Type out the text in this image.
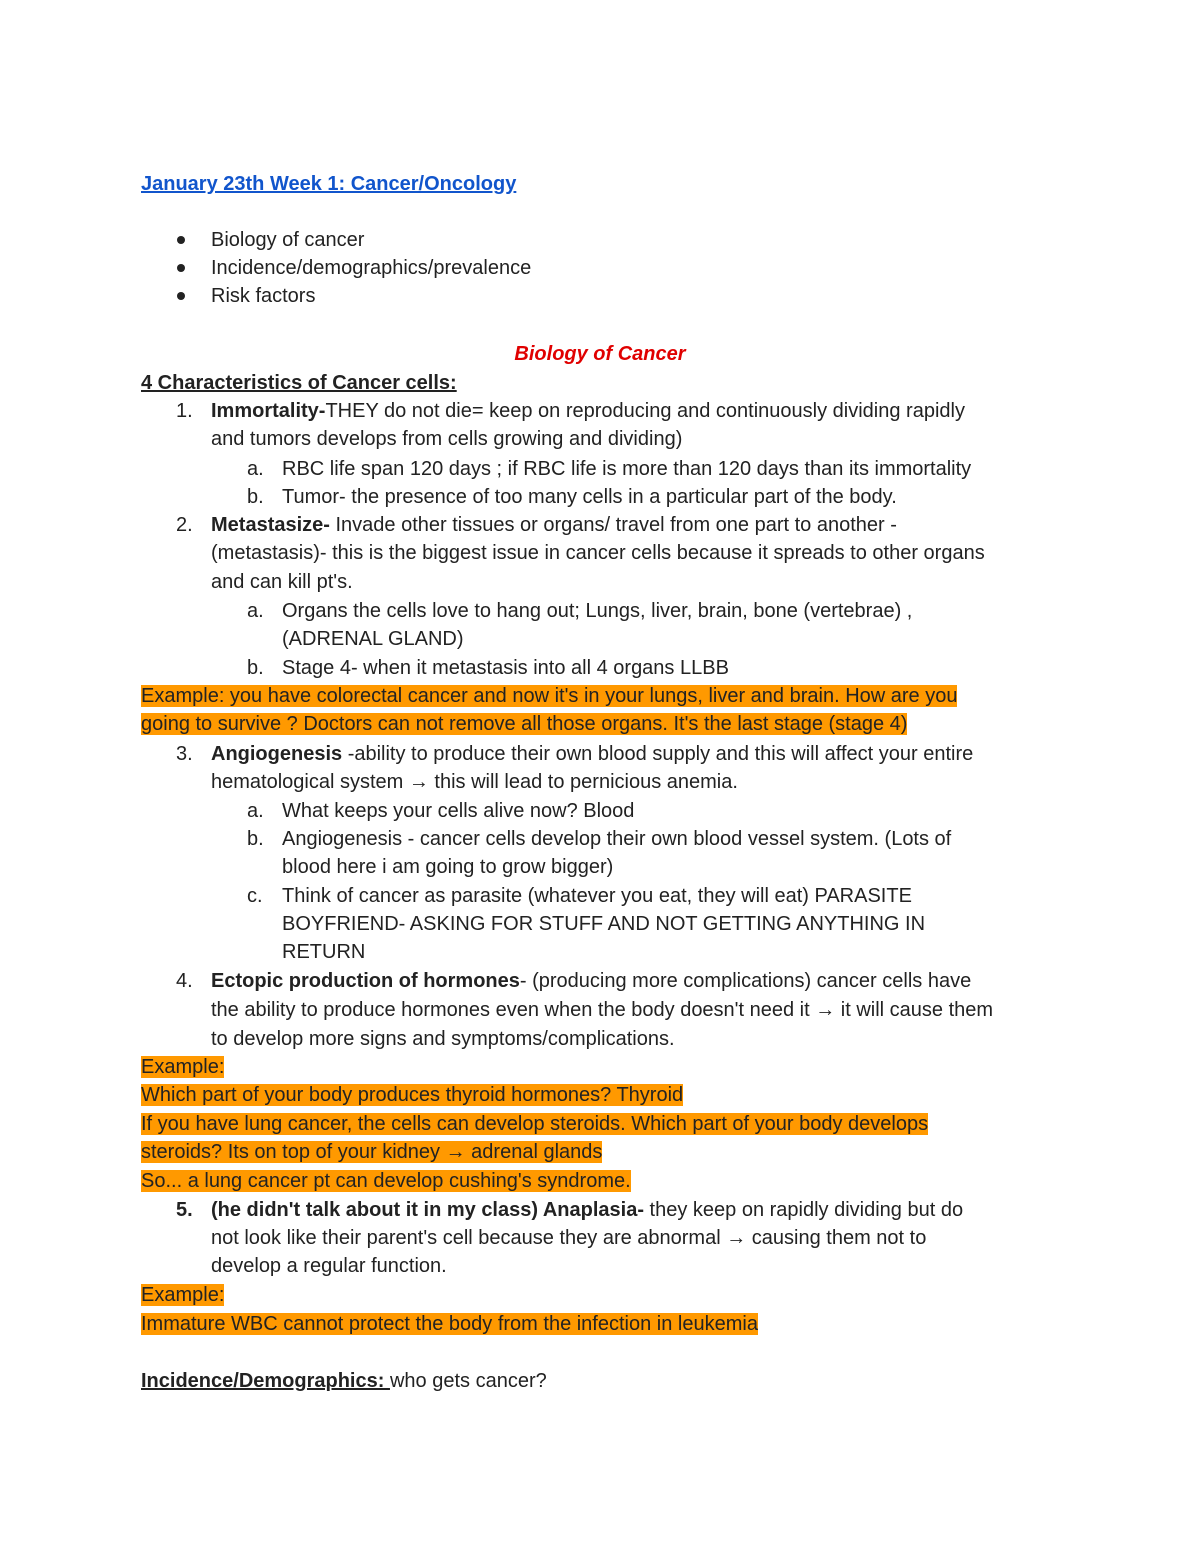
January 23th Week 1: Cancer/Oncology
Biology of cancer
Incidence/demographics/prevalence
Risk factors
Biology of Cancer
4 Characteristics of Cancer cells:
1. Immortality-THEY do not die= keep on reproducing and continuously dividing rapidly
and tumors develops from cells growing and dividing)
a. RBC life span 120 days ; if RBC life is more than 120 days than its immortality
b. Tumor- the presence of too many cells in a particular part of the body.
2. Metastasize- Invade other tissues or organs/ travel from one part to another -
(metastasis)- this is the biggest issue in cancer cells because it spreads to other organs
and can kill pt's.
a. Organs the cells love to hang out; Lungs, liver, brain, bone (vertebrae) ,
(ADRENAL GLAND)
b. Stage 4- when it metastasis into all 4 organs LLBB
Example: you have colorectal cancer and now it's in your lungs, liver and brain. How are you
going to survive ? Doctors can not remove all those organs. It's the last stage (stage 4)
3. Angiogenesis -ability to produce their own blood supply and this will affect your entire
hematological system → this will lead to pernicious anemia.
a. What keeps your cells alive now? Blood
b. Angiogenesis - cancer cells develop their own blood vessel system. (Lots of
blood here i am going to grow bigger)
c. Think of cancer as parasite (whatever you eat, they will eat) PARASITE
BOYFRIEND- ASKING FOR STUFF AND NOT GETTING ANYTHING IN
RETURN
4. Ectopic production of hormones- (producing more complications) cancer cells have
the ability to produce hormones even when the body doesn't need it → it will cause them
to develop more signs and symptoms/complications.
Example:
Which part of your body produces thyroid hormones? Thyroid
If you have lung cancer, the cells can develop steroids. Which part of your body develops
steroids? Its on top of your kidney → adrenal glands
So... a lung cancer pt can develop cushing's syndrome.
5. (he didn't talk about it in my class) Anaplasia- they keep on rapidly dividing but do
not look like their parent's cell because they are abnormal → causing them not to
develop a regular function.
Example:
Immature WBC cannot protect the body from the infection in leukemia
Incidence/Demographics: who gets cancer?
